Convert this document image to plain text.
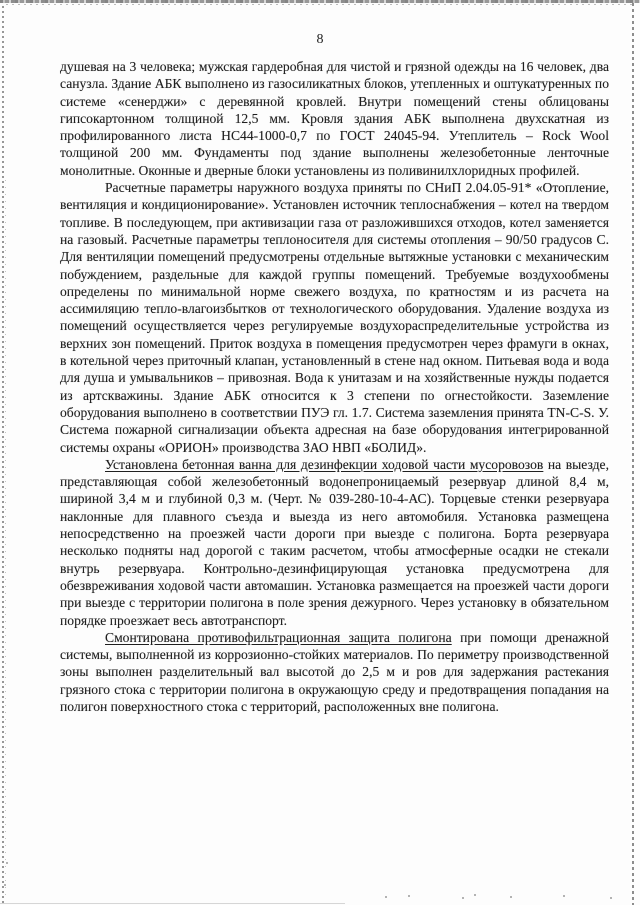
8

душевая на 3 человека; мужская гардеробная для чистой и грязной одежды на 16 человек, два санузла. Здание АБК выполнено из газосиликатных блоков, утепленных и оштукатуренных по системе «сенерджи» с деревянной кровлей. Внутри помещений стены облицованы гипсокартонном толщиной 12,5 мм. Кровля здания АБК выполнена двухскатная из профилированного листа НС44-1000-0,7 по ГОСТ 24045-94. Утеплитель – Rock Wool толщиной 200 мм. Фундаменты под здание выполнены железобетонные ленточные монолитные. Оконные и дверные блоки установлены из поливинилхлоридных профилей.

Расчетные параметры наружного воздуха приняты по СНиП 2.04.05-91* «Отопление, вентиляция и кондиционирование». Установлен источник теплоснабжения – котел на твердом топливе. В последующем, при активизации газа от разложившихся отходов, котел заменяется на газовый. Расчетные параметры теплоносителя для системы отопления – 90/50 градусов С. Для вентиляции помещений предусмотрены отдельные вытяжные установки с механическим побуждением, раздельные для каждой группы помещений. Требуемые воздухообмены определены по минимальной норме свежего воздуха, по кратностям и из расчета на ассимиляцию тепло-влагоизбытков от технологического оборудования. Удаление воздуха из помещений осуществляется через регулируемые воздухораспределительные устройства из верхних зон помещений. Приток воздуха в помещения предусмотрен через фрамуги в окнах, в котельной через приточный клапан, установленный в стене над окном. Питьевая вода и вода для душа и умывальников – привозная. Вода к унитазам и на хозяйственные нужды подается из артскважины. Здание АБК относится к 3 степени по огнестойкости. Заземление оборудования выполнено в соответствии ПУЭ гл. 1.7. Система заземления принята TN-C-S. У. Система пожарной сигнализации объекта адресная на базе оборудования интегрированной системы охраны «ОРИОН» производства ЗАО НВП «БОЛИД».

Установлена бетонная ванна для дезинфекции ходовой части мусоровозов на выезде, представляющая собой железобетонный водонепроницаемый резервуар длиной 8,4 м, шириной 3,4 м и глубиной 0,3 м. (Черт. № 039-280-10-4-АС). Торцевые стенки резервуара наклонные для плавного съезда и выезда из него автомобиля. Установка размещена непосредственно на проезжей части дороги при выезде с полигона. Борта резервуара несколько подняты над дорогой с таким расчетом, чтобы атмосферные осадки не стекали внутрь резервуара. Контрольно-дезинфицирующая установка предусмотрена для обезвреживания ходовой части автомашин. Установка размещается на проезжей части дороги при выезде с территории полигона в поле зрения дежурного. Через установку в обязательном порядке проезжает весь автотранспорт.

Смонтирована противофильтрационная защита полигона при помощи дренажной системы, выполненной из коррозионно-стойких материалов. По периметру производственной зоны выполнен разделительный вал высотой до 2,5 м и ров для задержания растекания грязного стока с территории полигона в окружающую среду и предотвращения попадания на полигон поверхностного стока с территорий, расположенных вне полигона.
